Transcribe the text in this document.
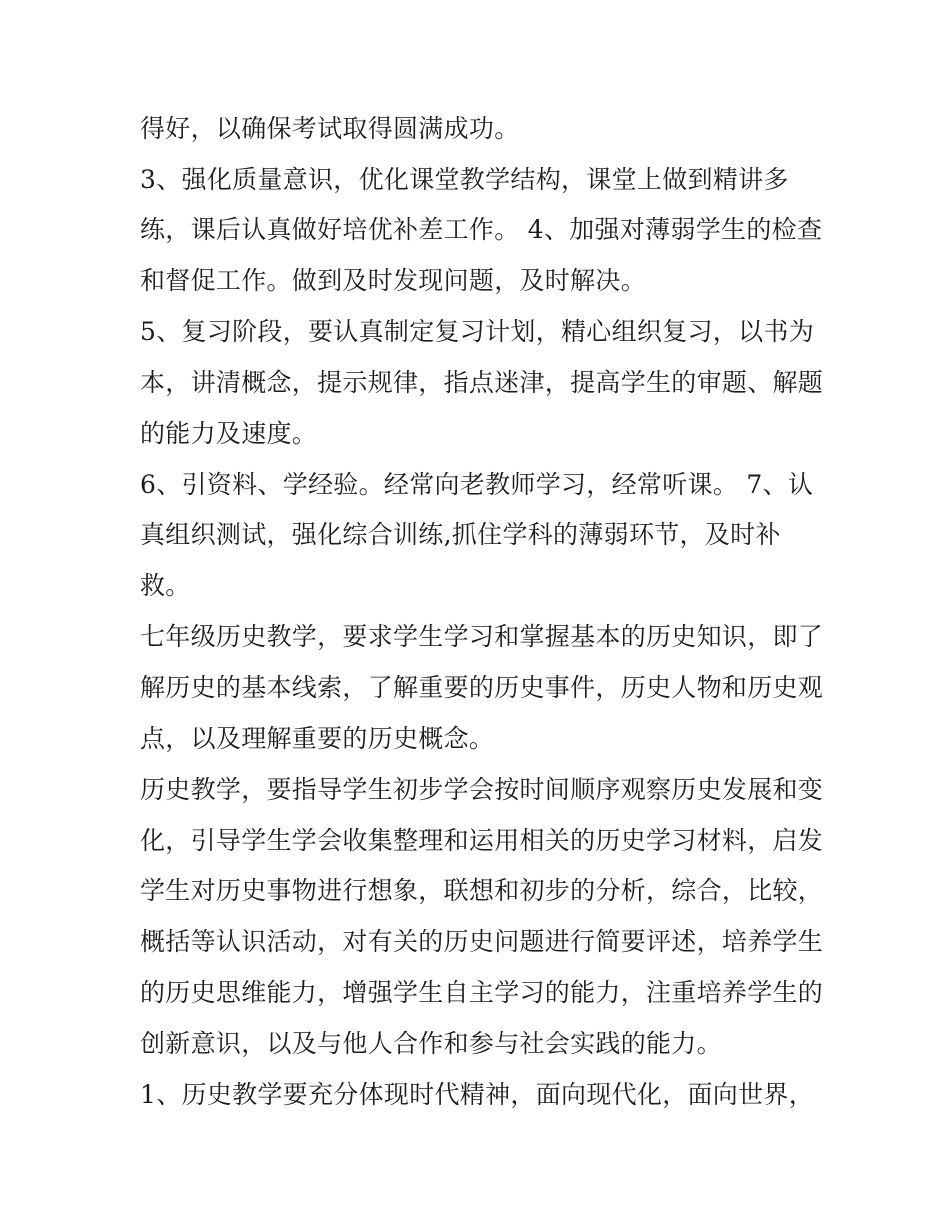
得好，以确保考试取得圆满成功。
3、强化质量意识，优化课堂教学结构，课堂上做到精讲多
练，课后认真做好培优补差工作。 4、加强对薄弱学生的检查
和督促工作。做到及时发现问题，及时解决。
5、复习阶段，要认真制定复习计划，精心组织复习，以书为
本，讲清概念，提示规律，指点迷津，提高学生的审题、解题
的能力及速度。
6、引资料、学经验。经常向老教师学习，经常听课。 7、认
真组织测试，强化综合训练,抓住学科的薄弱环节，及时补
救。
七年级历史教学，要求学生学习和掌握基本的历史知识，即了
解历史的基本线索，了解重要的历史事件，历史人物和历史观
点，以及理解重要的历史概念。
历史教学，要指导学生初步学会按时间顺序观察历史发展和变
化，引导学生学会收集整理和运用相关的历史学习材料，启发
学生对历史事物进行想象，联想和初步的分析，综合，比较，
概括等认识活动，对有关的历史问题进行简要评述，培养学生
的历史思维能力，增强学生自主学习的能力，注重培养学生的
创新意识，以及与他人合作和参与社会实践的能力。
1、历史教学要充分体现时代精神，面向现代化，面向世界，
